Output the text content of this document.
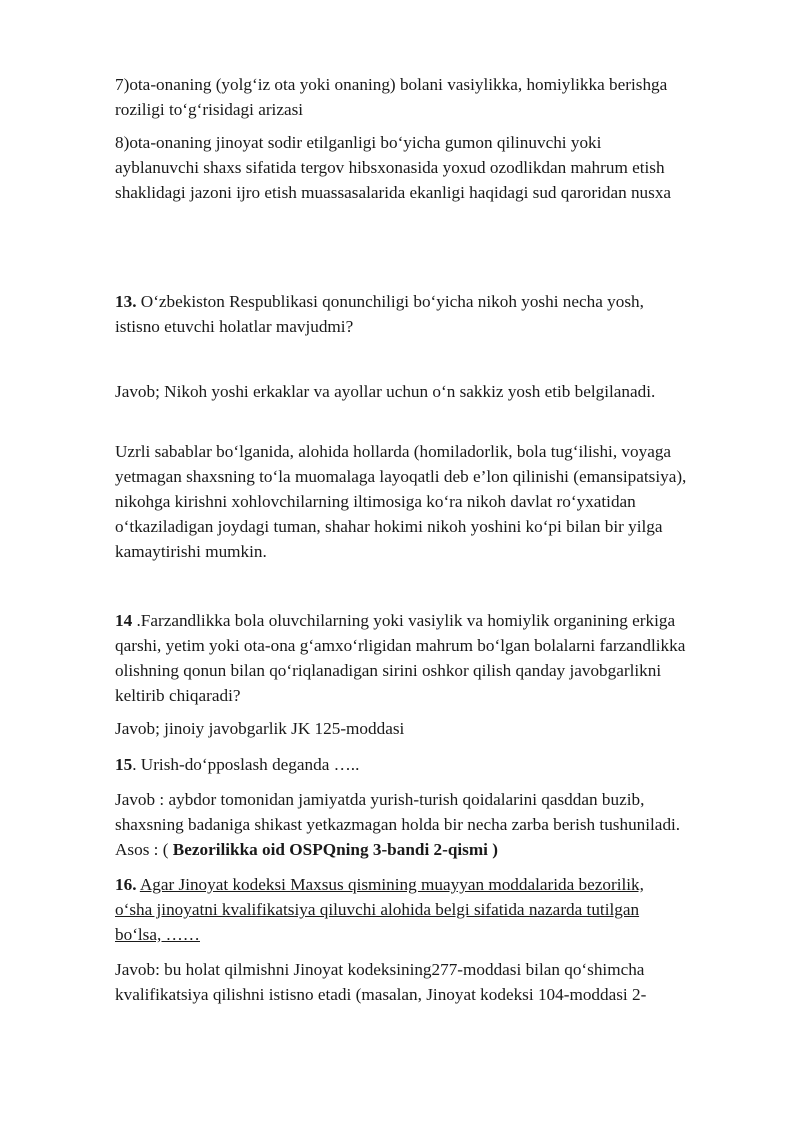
7)ota-onaning (yolg‘iz ota yoki onaning) bolani vasiylikka, homiylikka berishga
roziligi to‘g‘risidagi arizasi

8)ota-onaning jinoyat sodir etilganligi bo‘yicha gumon qilinuvchi yoki
ayblanuvchi shaxs sifatida tergov hibsxonasida yoxud ozodlikdan mahrum etish
shaklidagi jazoni ijro etish muassasalarida ekanligi haqidagi sud qaroridan nusxa

13. O‘zbekiston Respublikasi qonunchiligi bo‘yicha nikoh yoshi necha yosh,
istisno etuvchi holatlar mavjudmi?

Javob; Nikoh yoshi erkaklar va ayollar uchun o‘n sakkiz yosh etib belgilanadi.

Uzrli sabablar bo‘lganida, alohida hollarda (homiladorlik, bola tug‘ilishi, voyaga
yetmagan shaxsning to‘la muomalaga layoqatli deb e’lon qilinishi (emansipatsiya),
nikohga kirishni xohlovchilarning iltimosiga ko‘ra nikoh davlat ro‘yxatidan
o‘tkaziladigan joydagi tuman, shahar hokimi nikoh yoshini ko‘pi bilan bir yilga
kamaytirishi mumkin.

14 .Farzandlikka bola oluvchilarning yoki vasiylik va homiylik organining erkiga
qarshi, yetim yoki ota-ona g‘amxo‘rligidan mahrum bo‘lgan bolalarni farzandlikka
olishning qonun bilan qo‘riqlanadigan sirini oshkor qilish qanday javobgarlikni
keltirib chiqaradi?

Javob; jinoiy javobgarlik JK 125-moddasi

15. Urish-do‘pposlash deganda …..

Javob : aybdor tomonidan jamiyatda yurish-turish qoidalarini qasddan buzib,
shaxsning badaniga shikast yetkazmagan holda bir necha zarba berish tushuniladi.
Asos : ( Bezorilikka oid OSPQning 3-bandi 2-qismi )

16. Agar Jinoyat kodeksi Maxsus qismining muayyan moddalarida bezorilik,
o‘sha jinoyatni kvalifikatsiya qiluvchi alohida belgi sifatida nazarda tutilgan
bo‘lsa, ……

Javob: bu holat qilmishni Jinoyat kodeksining277-moddasi bilan qo‘shimcha
kvalifikatsiya qilishni istisno etadi (masalan, Jinoyat kodeksi 104-moddasi 2-
